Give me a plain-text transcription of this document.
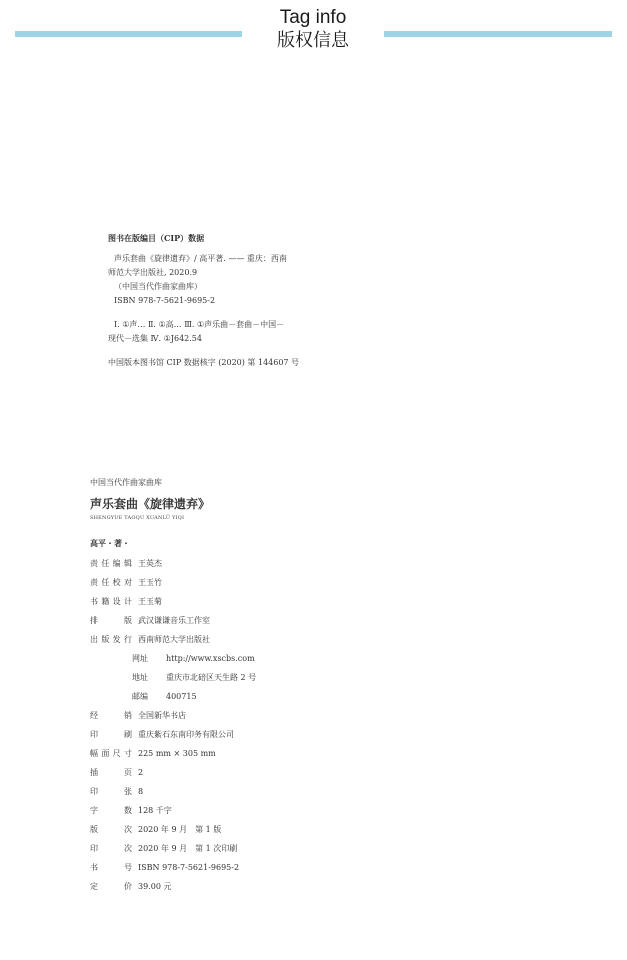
Tag info
版权信息
图书在版编目（CIP）数据
声乐套曲《旋律遗弃》/ 高平著. —— 重庆：西南
师范大学出版社, 2020.9
（中国当代作曲家曲库）
ISBN 978-7-5621-9695-2
Ⅰ. ①声… Ⅱ. ①高… Ⅲ. ①声乐曲－套曲－中国－
现代－选集 Ⅳ. ①J642.54
中国版本图书馆 CIP 数据核字 (2020) 第 144607 号
中国当代作曲家曲库
声乐套曲《旋律遗弃》
SHENGYUE TAOQU XUANLÜ YIQI
高平・著・
责任编辑 王英杰
责任校对 王玉竹
书籍设计 王玉菊
排 版 武汉谦谦音乐工作室
出版发行 西南师范大学出版社
网址	http://www.xscbs.com
地址	重庆市北碚区天生路 2 号
邮编	400715
经 销 全国新华书店
印 刷 重庆紫石东南印务有限公司
幅面尺寸 225 mm × 305 mm
插 页 2
印 张 8
字 数 128 千字
版 次 2020 年 9 月　第 1 版
印 次 2020 年 9 月　第 1 次印刷
书 号 ISBN 978-7-5621-9695-2
定 价 39.00 元
